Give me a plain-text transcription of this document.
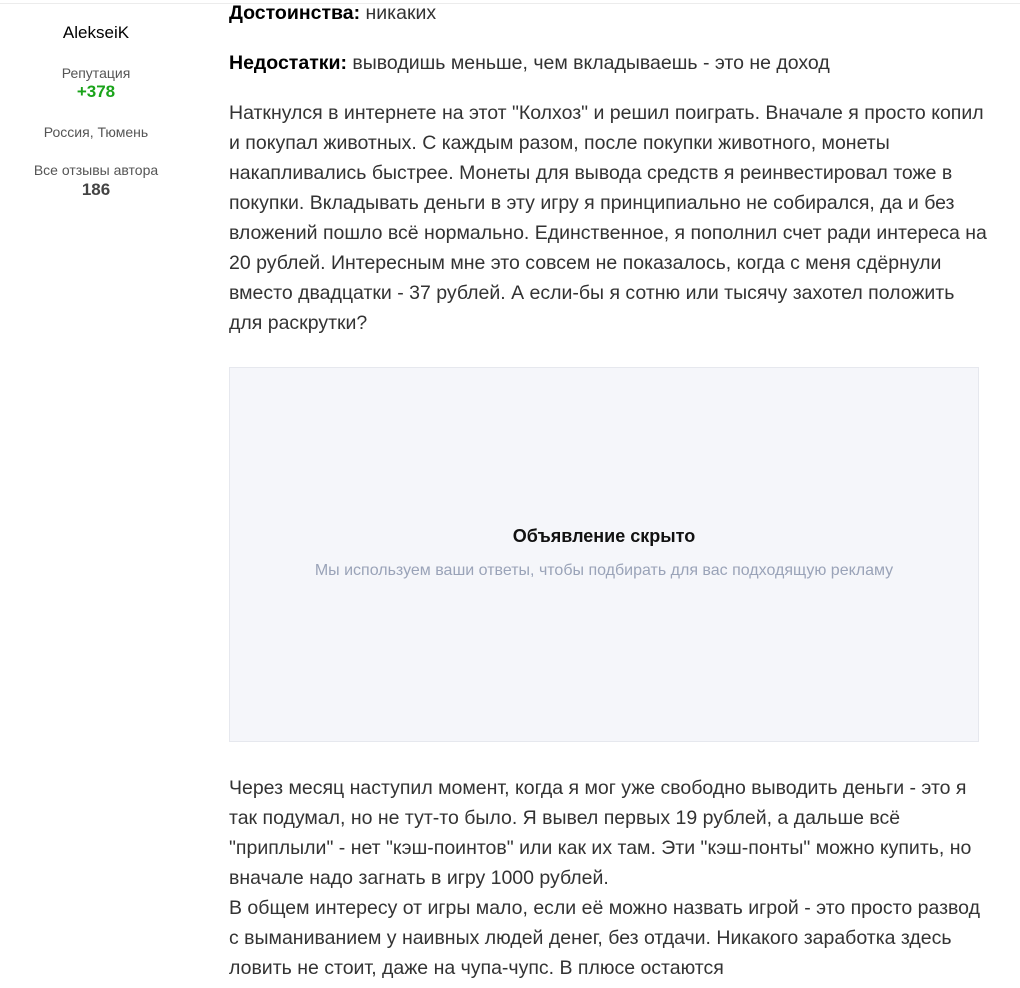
AlekseiK
Репутация
+378
Россия, Тюмень
Все отзывы автора
186

Достоинства: никаких

Недостатки: выводишь меньше, чем вкладываешь - это не доход

Наткнулся в интернете на этот "Колхоз" и решил поиграть. Вначале я просто копил и покупал животных. С каждым разом, после покупки животного, монеты накапливались быстрее. Монеты для вывода средств я реинвестировал тоже в покупки. Вкладывать деньги в эту игру я принципиально не собирался, да и без вложений пошло всё нормально. Единственное, я пополнил счет ради интереса на 20 рублей. Интересным мне это совсем не показалось, когда с меня сдёрнули вместо двадцатки - 37 рублей. А если-бы я сотню или тысячу захотел положить для раскрутки?

Объявление скрыто
Мы используем ваши ответы, чтобы подбирать для вас подходящую рекламу
Через месяц наступил момент, когда я мог уже свободно выводить деньги - это я так подумал, но не тут-то было. Я вывел первых 19 рублей, а дальше всё "приплыли" - нет "кэш-поинтов" или как их там. Эти "кэш-понты" можно купить, но вначале надо загнать в игру 1000 рублей.
В общем интересу от игры мало, если её можно назвать игрой - это просто развод с выманиванием у наивных людей денег, без отдачи. Никакого заработка здесь ловить не стоит, даже на чупа-чупс. В плюсе остаются
